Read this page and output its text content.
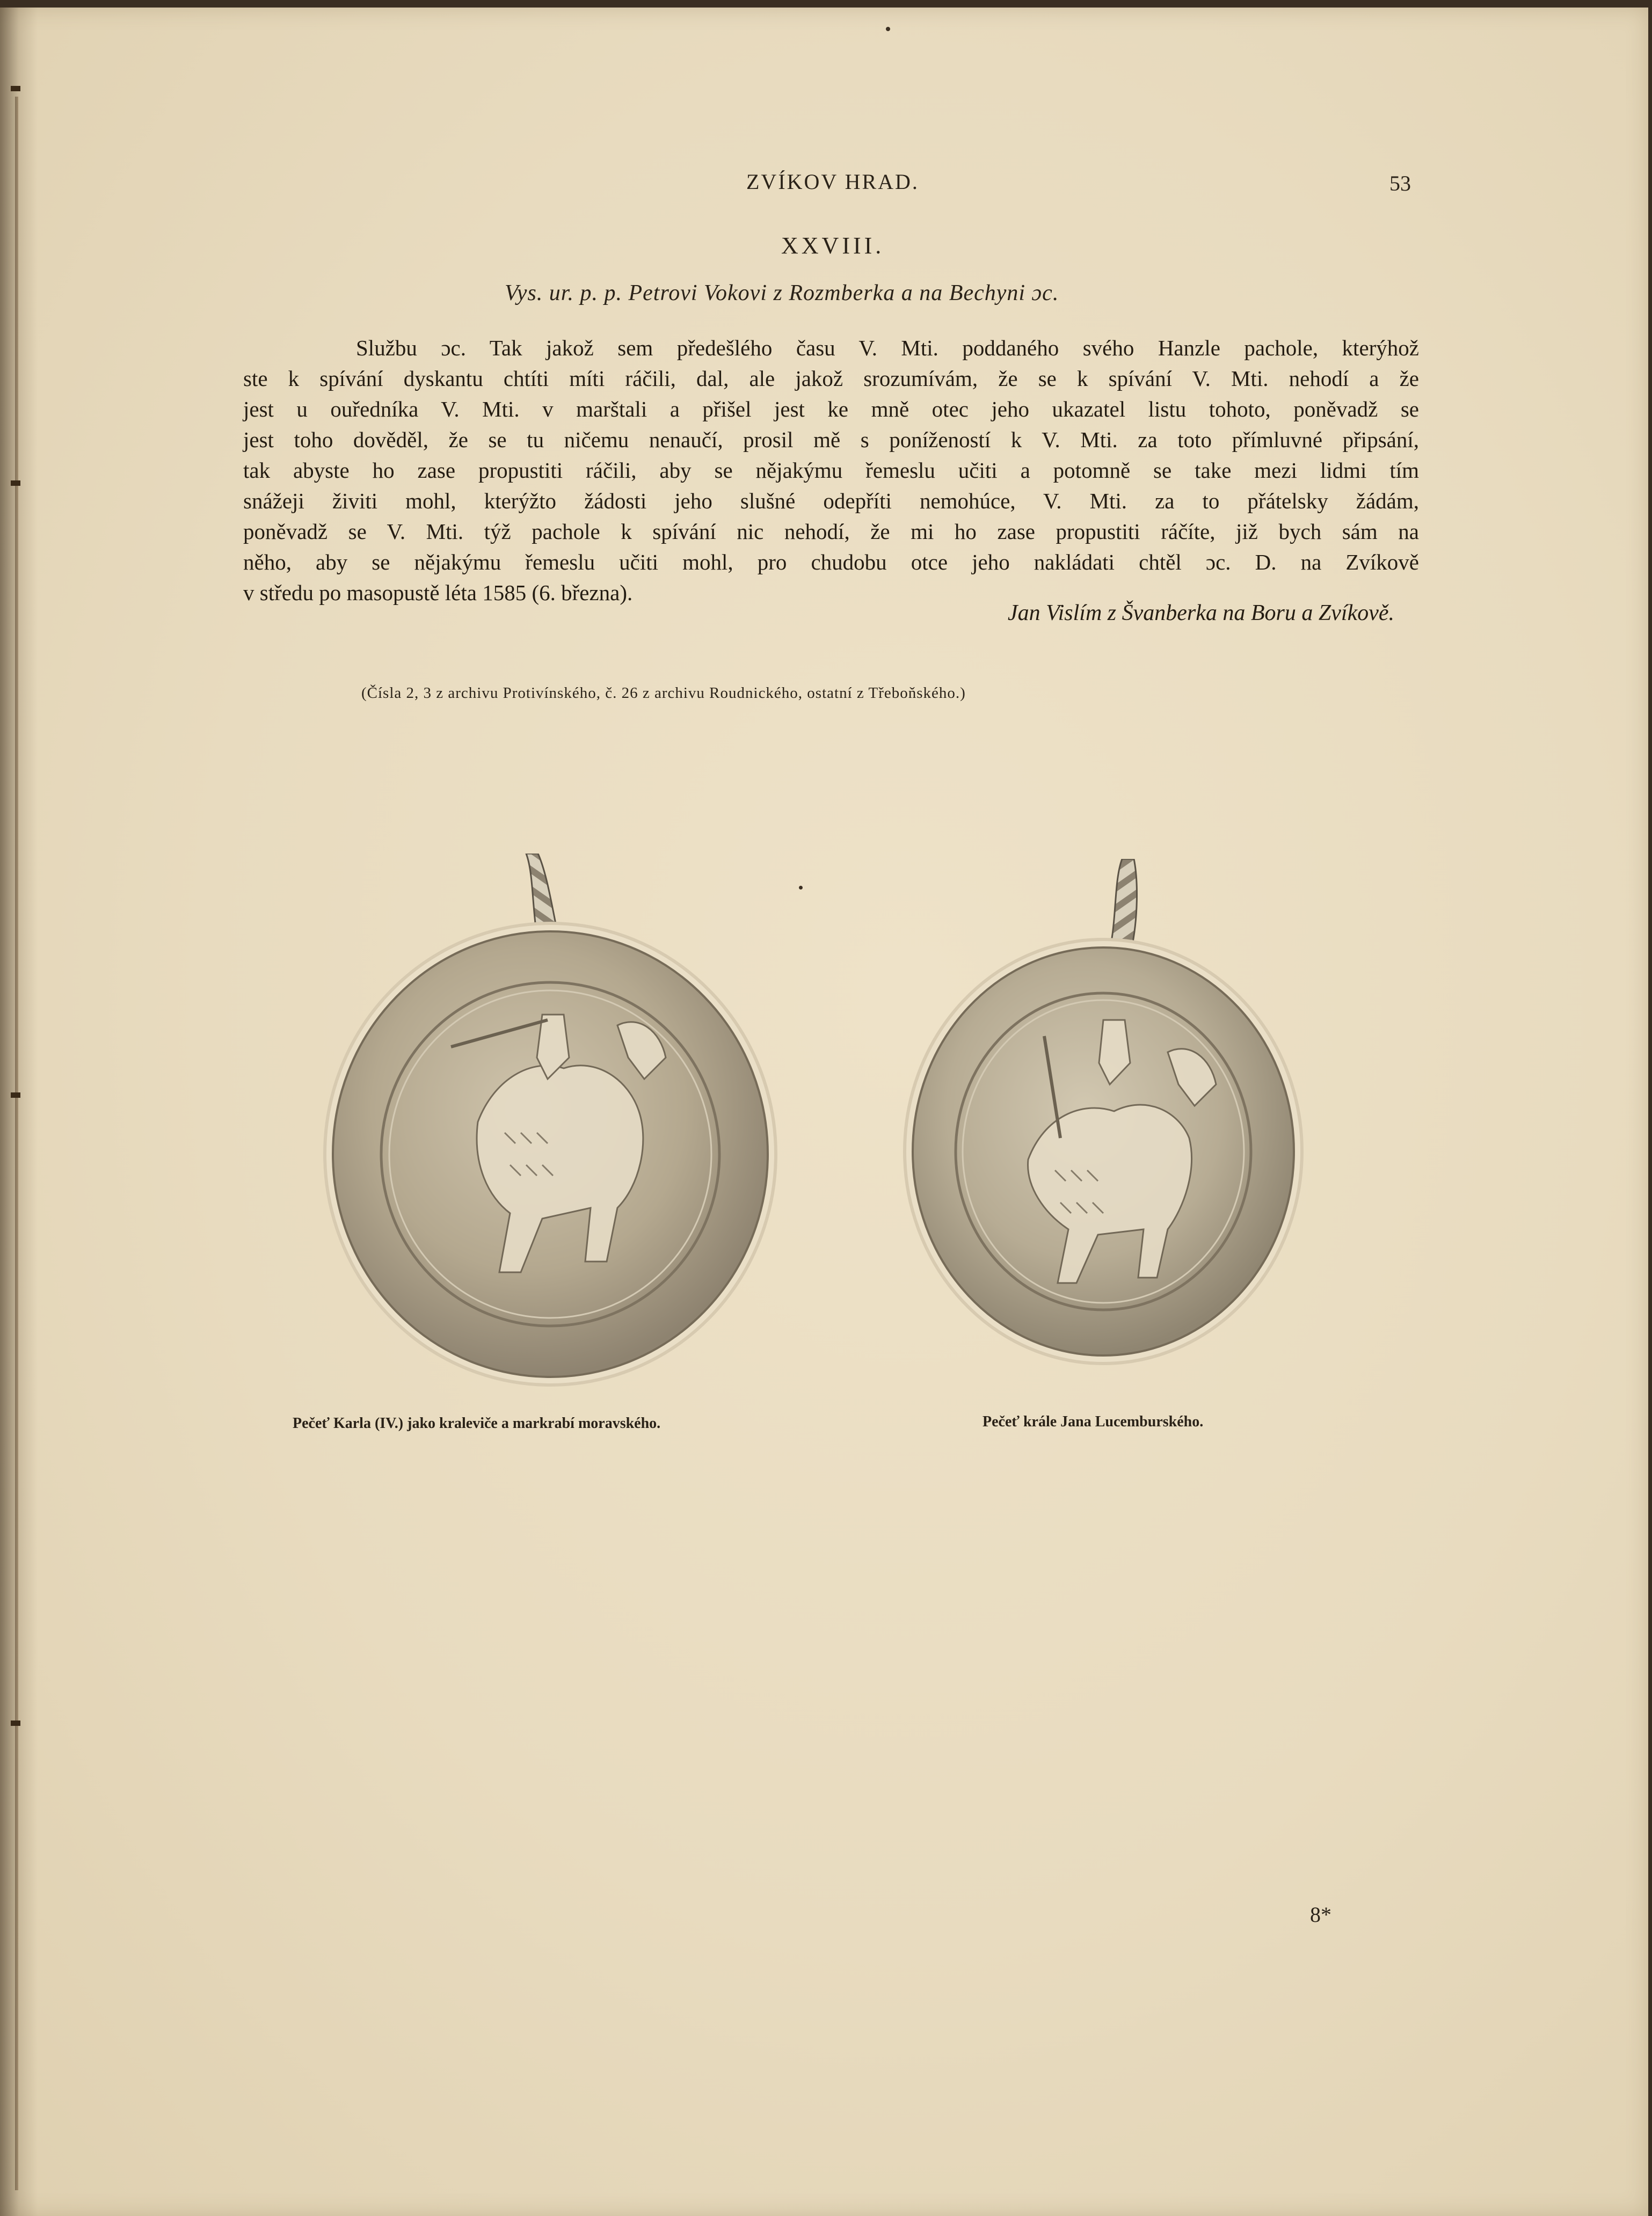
ZVÍKOV HRAD.	53
XXVIII.
Vys. ur. p. p. Petrovi Vokovi z Rozmberka a na Bechyni ɔc.
Službu ɔc. Tak jakož sem předešlého času V. Mti. poddaného svého Hanzle pachole, kterýhož
ste k spívání dyskantu chtíti míti ráčili, dal, ale jakož srozumívám, že se k spívání V. Mti. nehodí a že
jest u ouředníka V. Mti. v marštali a přišel jest ke mně otec jeho ukazatel listu tohoto, poněvadž se
jest toho dověděl, že se tu ničemu nenaučí, prosil mě s ponížeností k V. Mti. za toto přímluvné připsání,
tak abyste ho zase propustiti ráčili, aby se nějakýmu řemeslu učiti a potomně se take mezi lidmi tím
snážeji živiti mohl, kterýžto žádosti jeho slušné odepříti nemohúce, V. Mti. za to přátelsky žádám,
poněvadž se V. Mti. týž pachole k spívání nic nehodí, že mi ho zase propustiti ráčíte, již bych sám na
něho, aby se nějakýmu řemeslu učiti mohl, pro chudobu otce jeho nakládati chtěl ɔc. D. na Zvíkově
v středu po masopustě léta 1585 (6. března).
Jan Vislím z Švanberka na Boru a Zvíkově.
(Čísla 2, 3 z archivu Protivínského, č. 26 z archivu Roudnického, ostatní z Třeboňského.)
Pečeť Karla (IV.) jako kraleviče a markrabí moravského.	Pečeť krále Jana Lucemburského.
8*
